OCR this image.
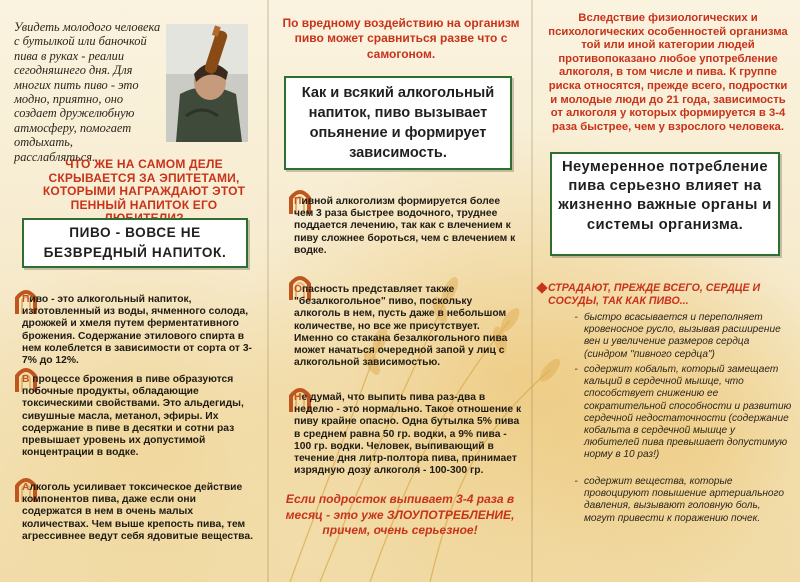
Увидеть молодого человека с бутылкой или баночкой пива в руках - реалии сегодняшнего дня. Для многих пить пиво - это модно, приятно, оно создает дружелюбную атмосферу, помогает отдыхать, расслабляться...
ЧТО ЖЕ НА САМОМ ДЕЛЕ СКРЫВАЕТСЯ ЗА ЭПИТЕТАМИ, КОТОРЫМИ НАГРАЖДАЮТ ЭТОТ ПЕННЫЙ НАПИТОК ЕГО
ПИВО - ВОВСЕ НЕ БЕЗВРЕДНЫЙ НАПИТОК.
Пиво - это алкогольный напиток, изготовленный из воды, ячменного солода, дрожжей и хмеля путем ферментативного брожения. Содержание этилового спирта в нем колеблется в зависимости от сорта от 3-7% до 12%.
В процессе брожения в пиве образуются побочные продукты, обладающие токсическими свойствами. Это альдегиды, сивушные масла, метанол, эфиры. Их содержание в пиве в десятки и сотни раз превышает уровень их допустимой концентрации в водке.
Алкоголь усиливает токсическое действие компонентов пива, даже если они содержатся в нем в очень малых количествах. Чем выше крепость пива, тем агрессивнее ведут себя ядовитые вещества.
По вредному воздействию на организм пиво может сравниться разве что с самогоном.
Как и всякий алкогольный напиток, пиво вызывает опьянение и формирует зависимость.
Пивной алкоголизм формируется более чем 3 раза быстрее водочного, труднее поддается лечению, так как с влечением к пиву сложнее бороться, чем с влечением к водке.
Опасность представляет также "безалкогольное" пиво, поскольку алкоголь в нем, пусть даже в небольшом количестве, но все же присутствует. Именно со стакана безалкогольного пива может начаться очередной запой у лиц с алкогольной зависимостью.
Не думай, что выпить пива раз-два в неделю - это нормально. Такое отношение к пиву крайне опасно. Одна бутылка 5% пива в среднем равна 50 гр. водки, а 9% пива - 100 гр. водки. Человек, выпивающий в течение дня литр-полтора пива, принимает изрядную дозу алкоголя - 100-300 гр.
Если подросток выпивает 3-4 раза в месяц - это уже ЗЛОУПОТРЕБЛЕНИЕ, причем, очень серьезное!
Вследствие физиологических и психологических особенностей организма той или иной категории людей противопоказано любое употребление алкоголя, в том числе и пива. К группе риска относятся, прежде всего, подростки и молодые люди до 21 года, зависимость от алкоголя у которых формируется в 3-4 раза быстрее, чем у взрослого человека.
Неумеренное потребление пива серьезно влияет на жизненно важные органы и системы организма.
СТРАДАЮТ, ПРЕЖДЕ ВСЕГО, СЕРДЦЕ И СОСУДЫ, ТАК КАК ПИВО...
- быстро всасывается и переполняет кровеносное русло, вызывая расширение вен и увеличение размеров сердца (синдром "пивного сердца")
- содержит кобальт, который замещает кальций в сердечной мышце, что способствует снижению ее сократительной способности и развитию сердечной недостаточности (содержание кобальта в сердечной мышце у любителей пива превышает допустимую норму в 10 раз!)
- содержит вещества, которые провоцируют повышение артериального давления, вызывают головную боль, могут привести к поражению почек.
